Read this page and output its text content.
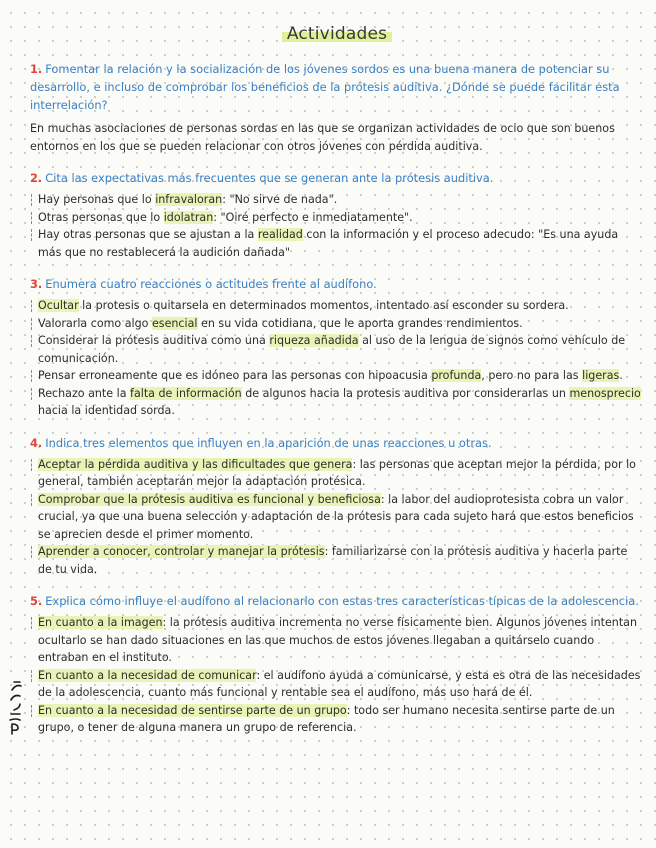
Actividades
1. Fomentar la relación y la socialización de los jóvenes sordos es una buena manera de potenciar su desarrollo, e incluso de comprobar los beneficios de la prótesis auditiva. ¿Dónde se puede facilitar esta interrelación?
En muchas asociaciones de personas sordas en las que se organizan actividades de ocio que son buenos entornos en los que se pueden relacionar con otros jóvenes con pérdida auditiva.
2. Cita las expectativas más frecuentes que se generan ante la prótesis auditiva.
Hay personas que lo infravaloran: "No sirve de nada".
Otras personas que lo idolatran: "Oiré perfecto e inmediatamente".
Hay otras personas que se ajustan a la realidad con la información y el proceso adecudo: "Es una ayuda más que no restablecerá la audición dañada"
3. Enumera cuatro reacciones o actitudes frente al audífono.
Ocultar la protesis o quitarsela en determinados momentos, intentado así esconder su sordera.
Valorarla como algo esencial en su vida cotidiana, que le aporta grandes rendimientos.
Considerar la prótesis auditiva como una riqueza añadida al uso de la lengua de signos como vehículo de comunicación.
Pensar erroneamente que es idóneo para las personas con hipoacusia profunda, pero no para las ligeras.
Rechazo ante la falta de información de algunos hacia la protesis auditiva por considerarlas un menosprecio hacia la identidad sorda.
4. Indica tres elementos que influyen en la aparición de unas reacciones u otras.
Aceptar la pérdida auditiva y las dificultades que genera: las personas que aceptan mejor la pérdida, por lo general, también aceptarán mejor la adaptación protésica.
Comprobar que la prótesis auditiva es funcional y beneficiosa: la labor del audioprotesista cobra un valor crucial, ya que una buena selección y adaptación de la prótesis para cada sujeto hará que estos beneficios se aprecien desde el primer momento.
Aprender a conocer, controlar y manejar la prótesis: familiarizarse con la prótesis auditiva y hacerla parte de tu vida.
5. Explica cómo influye el audífono al relacionarlo con estas tres características típicas de la adolescencia.
En cuanto a la imagen: la prótesis auditiva incrementa no verse físicamente bien. Algunos jóvenes intentan ocultarlo se han dado situaciones en las que muchos de estos jóvenes llegaban a quitárselo cuando entraban en el instituto.
En cuanto a la necesidad de comunicar: el audífono ayuda a comunicarse, y esta es otra de las necesidades de la adolescencia, cuanto más funcional y rentable sea el audífono, más uso hará de él.
En cuanto a la necesidad de sentirse parte de un grupo: todo ser humano necesita sentirse parte de un grupo, o tener de alguna manera un grupo de referencia.
